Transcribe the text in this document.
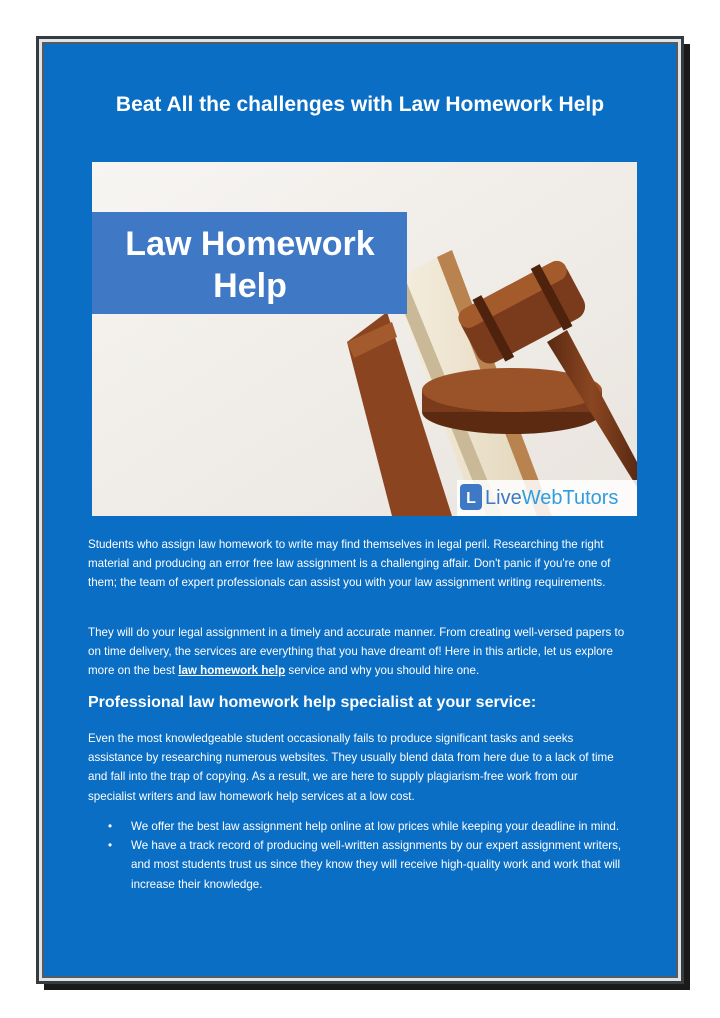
Beat All the challenges with Law Homework Help
Law Homework
Help
L LiveWebTutors

Students who assign law homework to write may find themselves in legal peril. Researching the right material and producing an error free law assignment is a challenging affair. Don't panic if you're one of them; the team of expert professionals can assist you with your law assignment writing requirements.

They will do your legal assignment in a timely and accurate manner. From creating well-versed papers to on time delivery, the services are everything that you have dreamt of! Here in this article, let us explore more on the best law homework help service and why you should hire one.

Professional law homework help specialist at your service:

Even the most knowledgeable student occasionally fails to produce significant tasks and seeks assistance by researching numerous websites. They usually blend data from here due to a lack of time and fall into the trap of copying. As a result, we are here to supply plagiarism-free work from our specialist writers and law homework help services at a low cost.

• We offer the best law assignment help online at low prices while keeping your deadline in mind.
• We have a track record of producing well-written assignments by our expert assignment writers, and most students trust us since they know they will receive high-quality work and work that will increase their knowledge.
